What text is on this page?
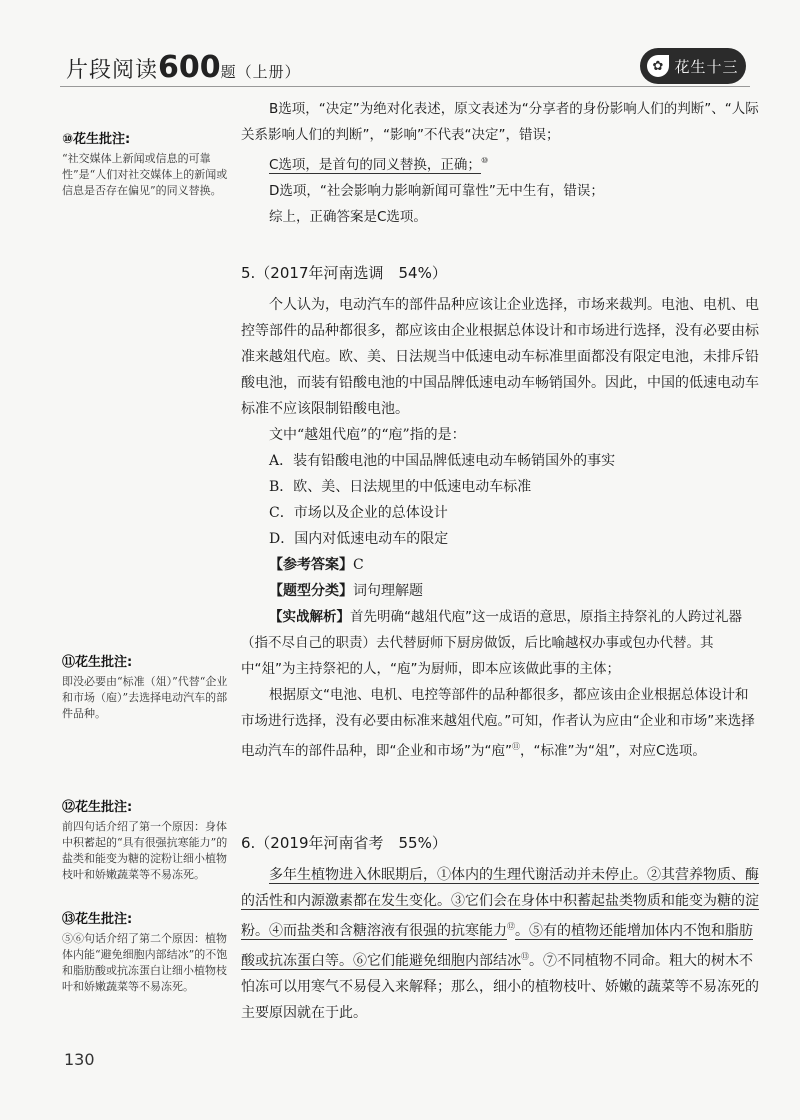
片段阅读600题（上册）	✿ 花生十三
⑩花生批注:
“社交媒体上新闻或信息的可靠性”是“人们对社交媒体上的新闻或信息是否存在偏见”的同义替换。
⑪花生批注:
即没必要由“标准（俎）”代替“企业和市场（庖）”去选择电动汽车的部件品种。
⑫花生批注:
前四句话介绍了第一个原因：身体中积蓄起的“具有很强抗寒能力”的盐类和能变为糖的淀粉让细小植物枝叶和娇嫩蔬菜等不易冻死。
⑬花生批注:
⑤⑥句话介绍了第二个原因：植物体内能“避免细胞内部结冰”的不饱和脂肪酸或抗冻蛋白让细小植物枝叶和娇嫩蔬菜等不易冻死。

B选项，“决定”为绝对化表述，原文表述为“分享者的身份影响人们的判断”、“人际关系影响人们的判断”，“影响”不代表“决定”，错误；

C选项，是首句的同义替换，正确；⑩

D选项，“社会影响力影响新闻可靠性”无中生有，错误；

综上，正确答案是C选项。

5.（2017年河南选调　54%）

个人认为，电动汽车的部件品种应该让企业选择，市场来裁判。电池、电机、电控等部件的品种都很多，都应该由企业根据总体设计和市场进行选择，没有必要由标准来越俎代庖。欧、美、日法规当中低速电动车标准里面都没有限定电池，未排斥铅酸电池，而装有铅酸电池的中国品牌低速电动车畅销国外。因此，中国的低速电动车标准不应该限制铅酸电池。

文中“越俎代庖”的“庖”指的是：

A．装有铅酸电池的中国品牌低速电动车畅销国外的事实

B．欧、美、日法规里的中低速电动车标准

C．市场以及企业的总体设计

D．国内对低速电动车的限定

【参考答案】C

【题型分类】词句理解题

【实战解析】首先明确“越俎代庖”这一成语的意思，原指主持祭礼的人跨过礼器（指不尽自己的职责）去代替厨师下厨房做饭，后比喻越权办事或包办代替。其中“俎”为主持祭祀的人，“庖”为厨师，即本应该做此事的主体；

根据原文“电池、电机、电控等部件的品种都很多，都应该由企业根据总体设计和市场进行选择，没有必要由标准来越俎代庖。”可知，作者认为应由“企业和市场”来选择电动汽车的部件品种，即“企业和市场”为“庖”⑪，“标准”为“俎”，对应C选项。

6.（2019年河南省考　55%）

多年生植物进入休眠期后，①体内的生理代谢活动并未停止。②其营养物质、酶的活性和内源激素都在发生变化。③它们会在身体中积蓄起盐类物质和能变为糖的淀粉。④而盐类和含糖溶液有很强的抗寒能力⑫。⑤有的植物还能增加体内不饱和脂肪酸或抗冻蛋白等。⑥它们能避免细胞内部结冰⑬。⑦不同植物不同命。粗大的树木不怕冻可以用寒气不易侵入来解释；那么，细小的植物枝叶、娇嫩的蔬菜等不易冻死的主要原因就在于此。

130
